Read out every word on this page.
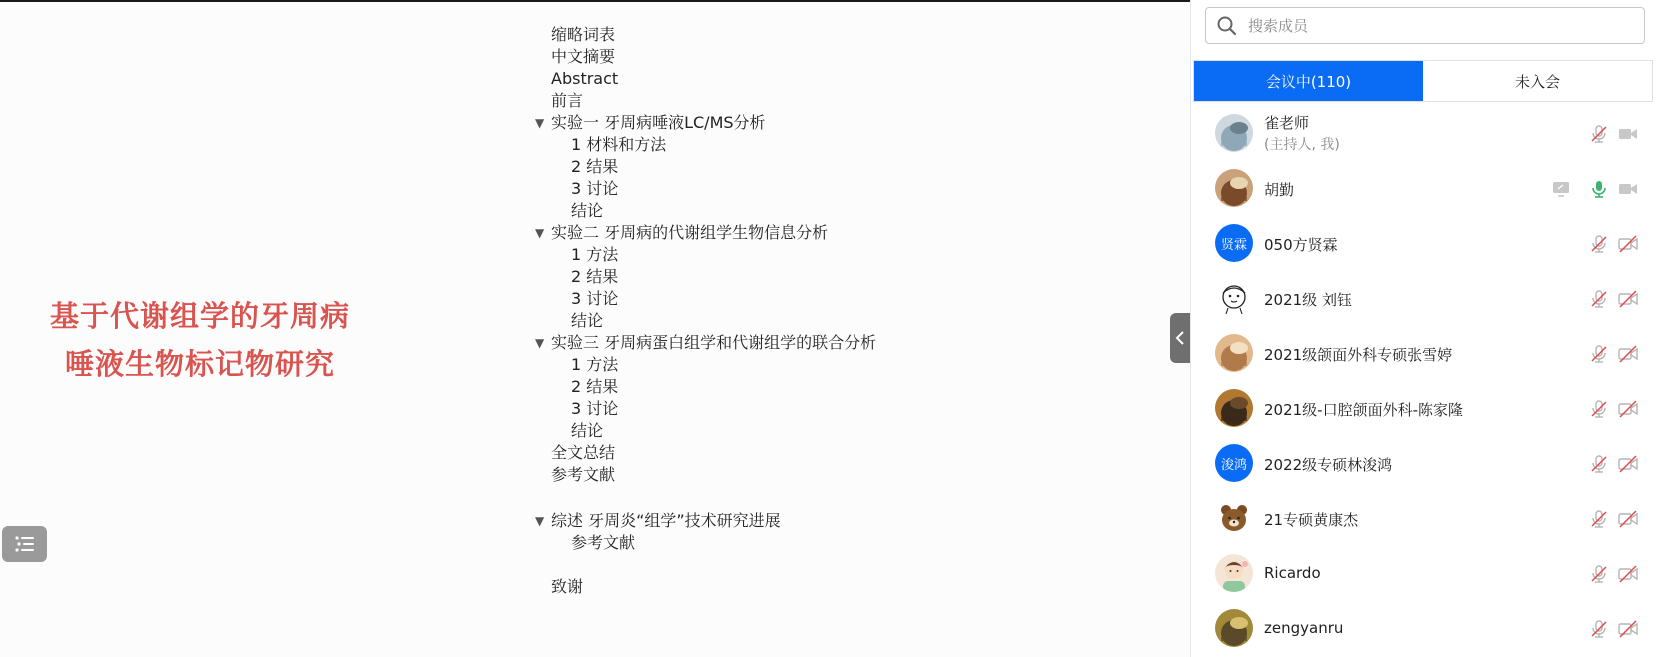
基于代谢组学的牙周病
唾液生物标记物研究
缩略词表
中文摘要
Abstract
前言
▼ 实验一 牙周病唾液LC/MS分析
1 材料和方法
2 结果
3 讨论
结论
▼ 实验二 牙周病的代谢组学生物信息分析
1 方法
2 结果
3 讨论
结论
▼ 实验三 牙周病蛋白组学和代谢组学的联合分析
1 方法
2 结果
3 讨论
结论
全文总结
参考文献
▼ 综述 牙周炎“组学”技术研究进展
参考文献
致谢
搜索成员
会议中(110)	未入会
雀老师
(主持人, 我)
胡勤
贤霖	050方贤霖
2021级 刘钰
2021级颌面外科专硕张雪婷
2021级-口腔颌面外科-陈家隆
浚鸿	2022级专硕林浚鸿
21专硕黄康杰
Ricardo
zengyanru
